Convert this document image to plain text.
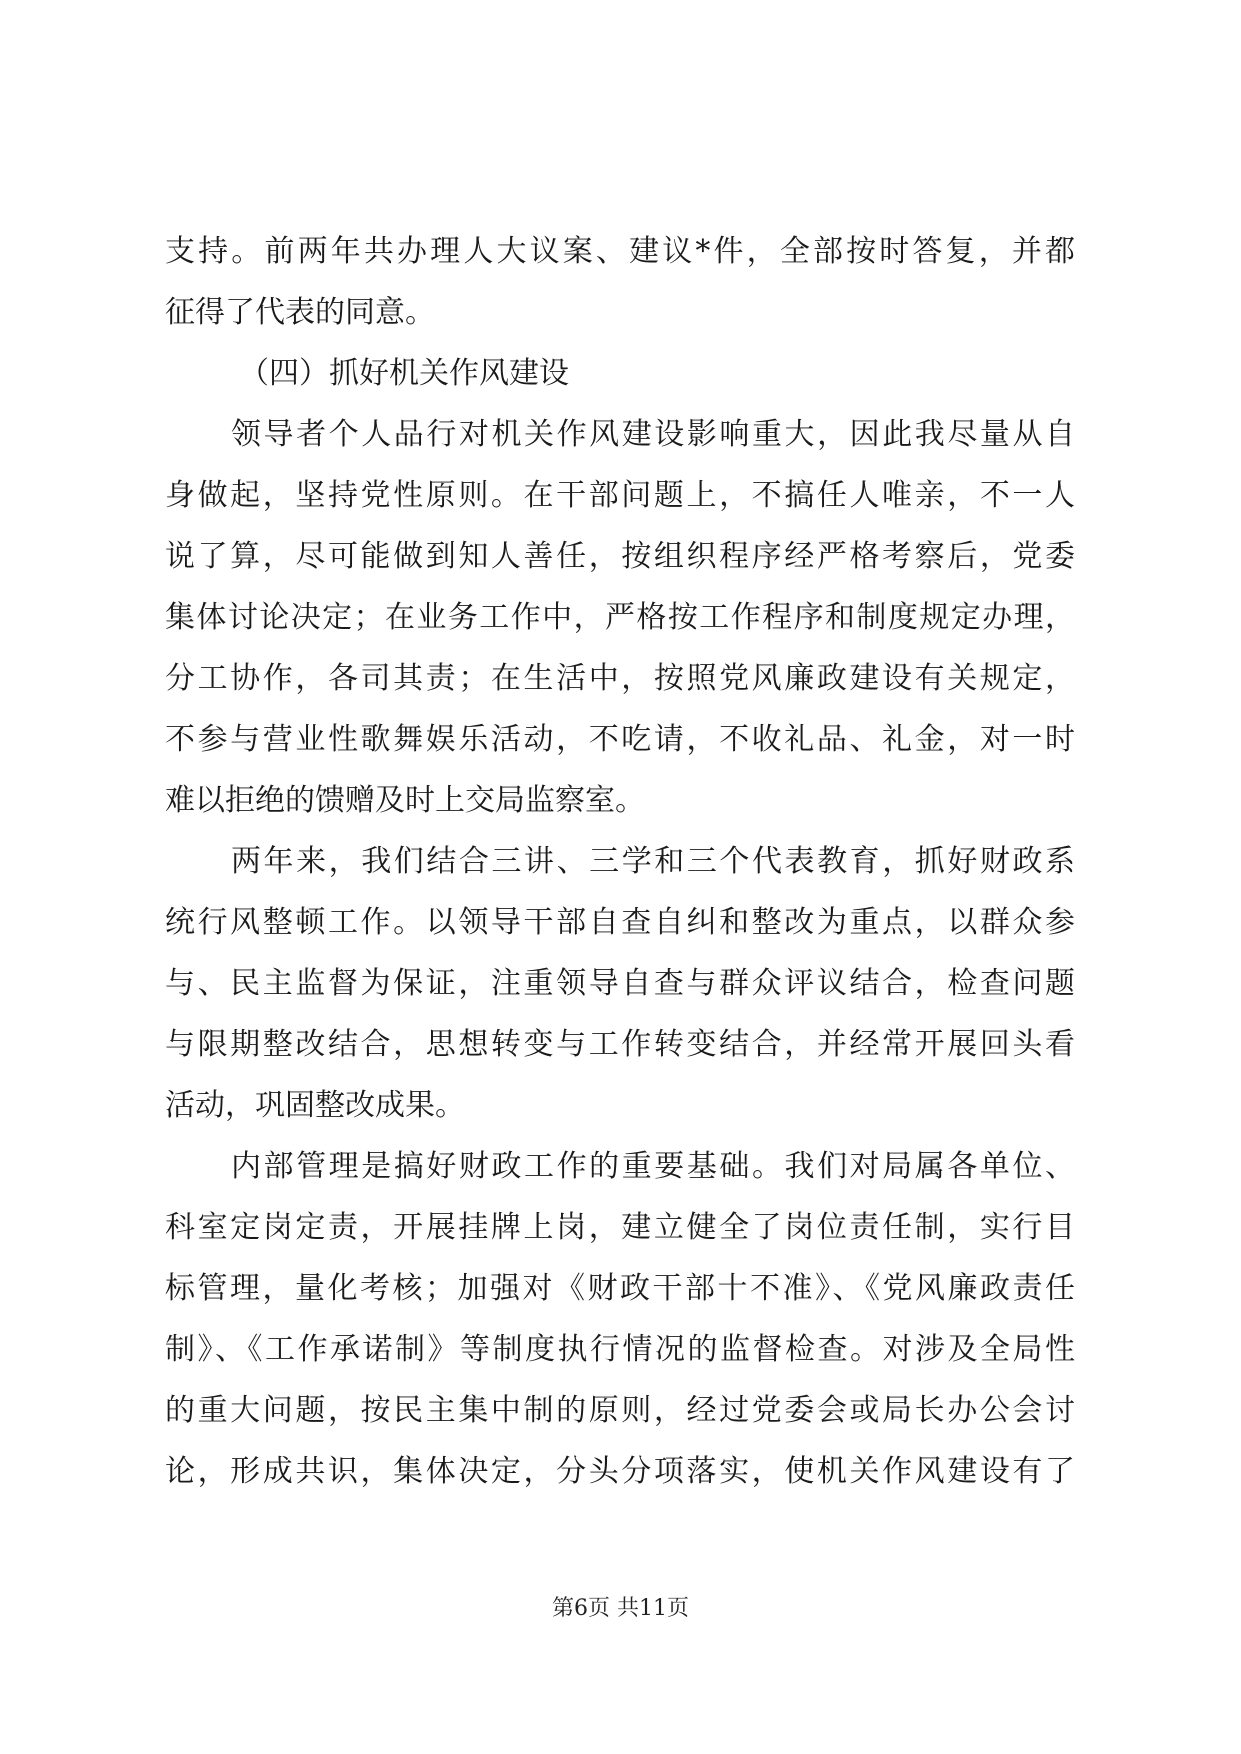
支持。前两年共办理人大议案、建议*件，全部按时答复，并都
征得了代表的同意。
（四）抓好机关作风建设
领导者个人品行对机关作风建设影响重大，因此我尽量从自
身做起，坚持党性原则。在干部问题上，不搞任人唯亲，不一人
说了算，尽可能做到知人善任，按组织程序经严格考察后，党委
集体讨论决定；在业务工作中，严格按工作程序和制度规定办理，
分工协作，各司其责；在生活中，按照党风廉政建设有关规定，
不参与营业性歌舞娱乐活动，不吃请，不收礼品、礼金，对一时
难以拒绝的馈赠及时上交局监察室。
两年来，我们结合三讲、三学和三个代表教育，抓好财政系
统行风整顿工作。以领导干部自查自纠和整改为重点，以群众参
与、民主监督为保证，注重领导自查与群众评议结合，检查问题
与限期整改结合，思想转变与工作转变结合，并经常开展回头看
活动，巩固整改成果。
内部管理是搞好财政工作的重要基础。我们对局属各单位、
科室定岗定责，开展挂牌上岗，建立健全了岗位责任制，实行目
标管理，量化考核；加强对《财政干部十不准》、《党风廉政责任
制》、《工作承诺制》等制度执行情况的监督检查。对涉及全局性
的重大问题，按民主集中制的原则，经过党委会或局长办公会讨
论，形成共识，集体决定，分头分项落实，使机关作风建设有了
第6页 共11页
